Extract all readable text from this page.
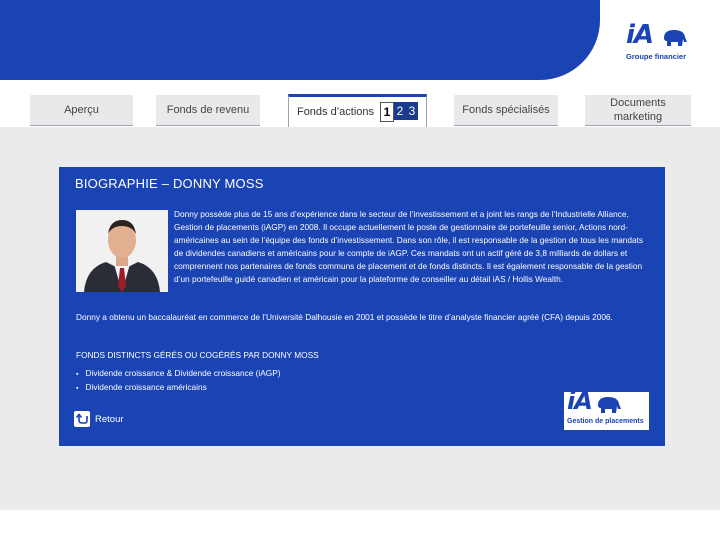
iA
Groupe financier
Aperçu	Fonds de revenu	Fonds d’actions 1 2 3	Fonds spécialisés
Documents marketing
BIOGRAPHIE – DONNY MOSS
Donny possède plus de 15 ans d’expérience dans le secteur de l’investissement et a joint les rangs de l’Industrielle Alliance, Gestion de placements (iAGP) en 2008. Il occupe actuellement le poste de gestionnaire de portefeuille senior, Actions nord-américaines au sein de l’équipe des fonds d’investissement. Dans son rôle, il est responsable de la gestion de tous les mandats de dividendes canadiens et américains pour le compte de iAGP. Ces mandats ont un actif géré de 3,8 milliards de dollars et comprennent nos partenaires de fonds communs de placement et de fonds distincts. Il est également responsable de la gestion d’un portefeuille guidé canadien et américain pour la plateforme de conseiller au détail iAS / Hollis Wealth.
Donny a obtenu un baccalauréat en commerce de l’Université Dalhousie en 2001 et possède le titre d’analyste financier agréé (CFA) depuis 2006.
FONDS DISTINCTS GÉRÉS OU COGÉRÉS PAR DONNY MOSS
▪ Dividende croissance & Dividende croissance (iAGP)
▪ Dividende croissance américains
Retour
iA
Gestion de placements
